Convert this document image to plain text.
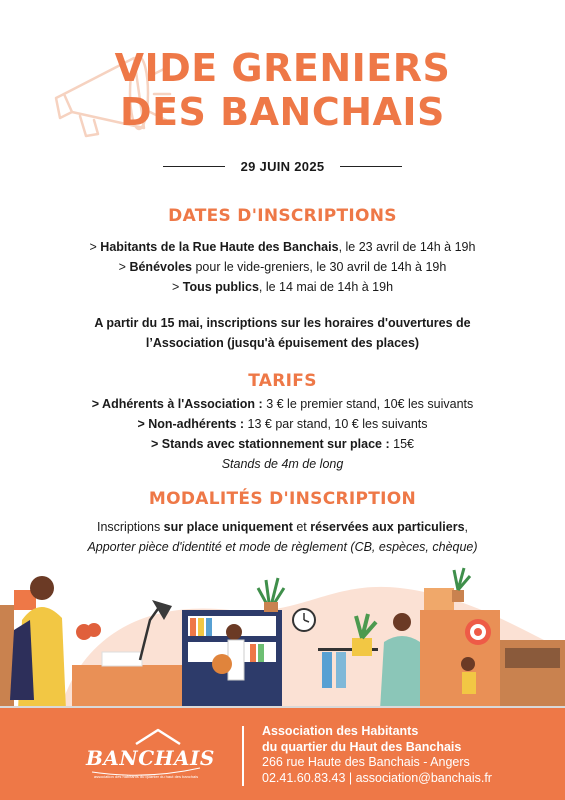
VIDE GRENIERS
DES BANCHAIS
29 JUIN 2025
DATES D'INSCRIPTIONS

> Habitants de la Rue Haute des Banchais, le 23 avril de 14h à 19h

> Bénévoles pour le vide-greniers, le 30 avril de 14h à 19h

> Tous publics, le 14 mai de 14h à 19h

A partir du 15 mai, inscriptions sur les horaires d'ouvertures de

l’Association (jusqu'à épuisement des places)

TARIFS

> Adhérents à l'Association : 3 € le premier stand, 10€ les suivants

> Non-adhérents : 13 € par stand, 10 € les suivants

> Stands avec stationnement sur place : 15€

Stands de 4m de long

MODALITÉS D'INSCRIPTION

Inscriptions sur place uniquement et réservées aux particuliers,

Apporter pièce d'identité et mode de règlement (CB, espèces, chèque)

BANCHAIS
association des habitants du quartier du haut des banchais
Association des Habitants
du quartier du Haut des Banchais
266 rue Haute des Banchais - Angers
02.41.60.83.43 | association@banchais.fr
